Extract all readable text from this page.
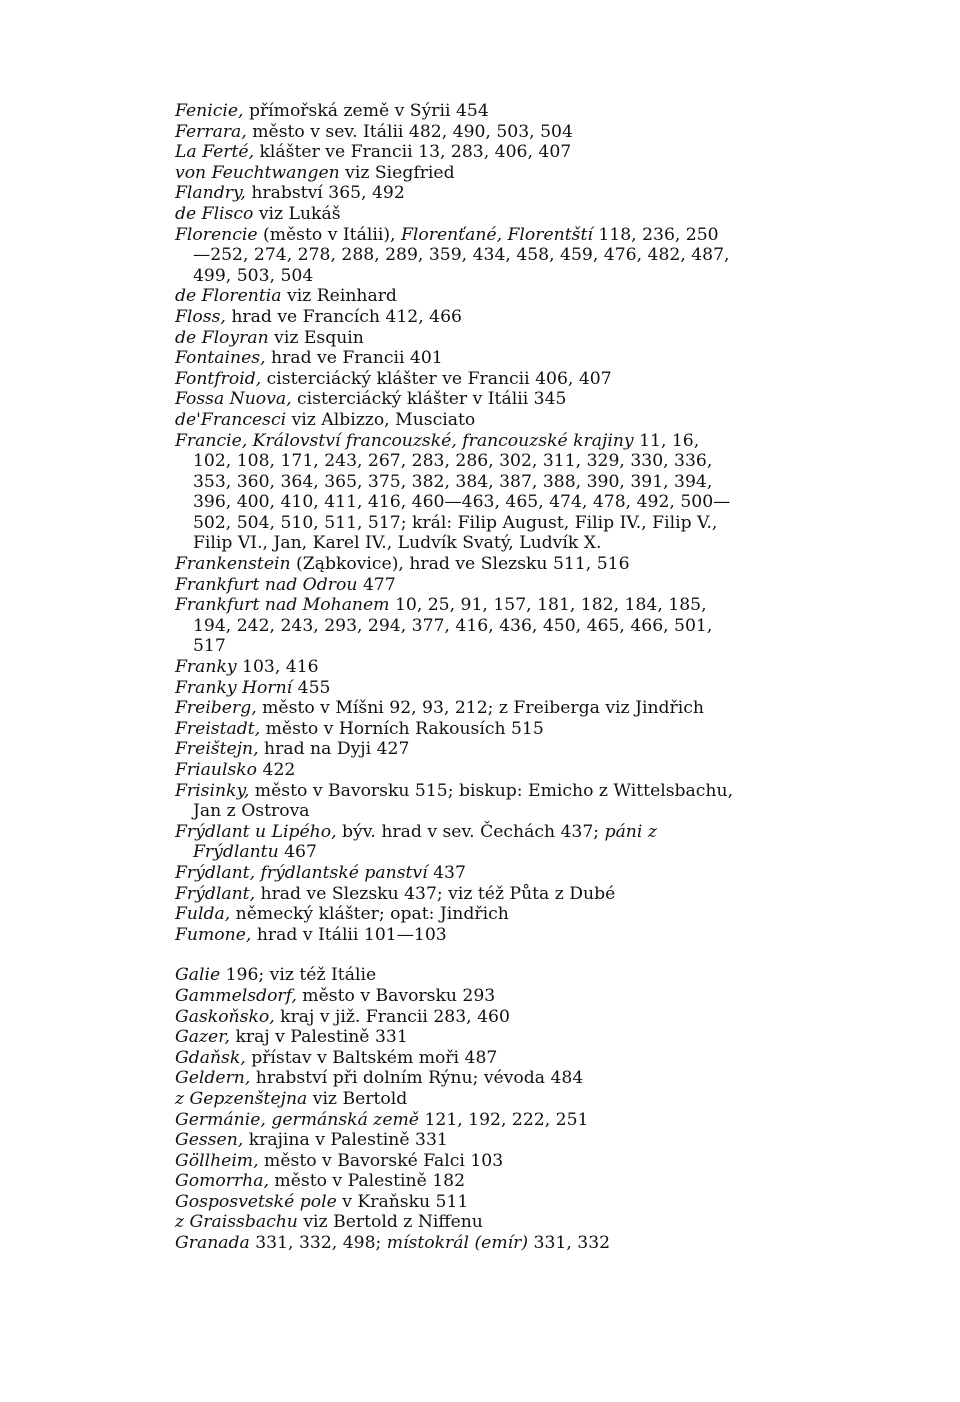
Fenicie, přímořská země v Sýrii 454
Ferrara, město v sev. Itálii 482, 490, 503, 504
La Ferté, klášter ve Francii 13, 283, 406, 407
von Feuchtwangen viz Siegfried
Flandry, hrabství 365, 492
de Flisco viz Lukáš
Florencie (město v Itálii), Florenťané, Florentští 118, 236, 250—252, 274, 278, 288, 289, 359, 434, 458, 459, 476, 482, 487, 499, 503, 504
de Florentia viz Reinhard
Floss, hrad ve Francích 412, 466
de Floyran viz Esquin
Fontaines, hrad ve Francii 401
Fontfroid, cisterciácký klášter ve Francii 406, 407
Fossa Nuova, cisterciácký klášter v Itálii 345
de'Francesci viz Albizzo, Musciato
Francie, Království francouzské, francouzské krajiny 11, 16, 102, 108, 171, 243, 267, 283, 286, 302, 311, 329, 330, 336, 353, 360, 364, 365, 375, 382, 384, 387, 388, 390, 391, 394, 396, 400, 410, 411, 416, 460—463, 465, 474, 478, 492, 500—502, 504, 510, 511, 517; král: Filip August, Filip IV., Filip V., Filip VI., Jan, Karel IV., Ludvík Svatý, Ludvík X.
Frankenstein (Ząbkovice), hrad ve Slezsku 511, 516
Frankfurt nad Odrou 477
Frankfurt nad Mohanem 10, 25, 91, 157, 181, 182, 184, 185, 194, 242, 243, 293, 294, 377, 416, 436, 450, 465, 466, 501, 517
Franky 103, 416
Franky Horní 455
Freiberg, město v Míšni 92, 93, 212; z Freiberga viz Jindřich
Freistadt, město v Horních Rakousích 515
Freištejn, hrad na Dyji 427
Friaulsko 422
Frisinky, město v Bavorsku 515; biskup: Emicho z Wittelsbachu, Jan z Ostrova
Frýdlant u Lipého, býv. hrad v sev. Čechách 437; páni z Frýdlantu 467
Frýdlant, frýdlantské panství 437
Frýdlant, hrad ve Slezsku 437; viz též Půta z Dubé
Fulda, německý klášter; opat: Jindřich
Fumone, hrad v Itálii 101—103
Galie 196; viz též Itálie
Gammelsdorf, město v Bavorsku 293
Gaskoňsko, kraj v již. Francii 283, 460
Gazer, kraj v Palestině 331
Gdaňsk, přístav v Baltském moři 487
Geldern, hrabství při dolním Rýnu; vévoda 484
z Gepzenštejna viz Bertold
Germánie, germánská země 121, 192, 222, 251
Gessen, krajina v Palestině 331
Göllheim, město v Bavorské Falci 103
Gomorrha, město v Palestině 182
Gosposvetské pole v Kraňsku 511
z Graissbachu viz Bertold z Niffenu
Granada 331, 332, 498; místokrál (emír) 331, 332
